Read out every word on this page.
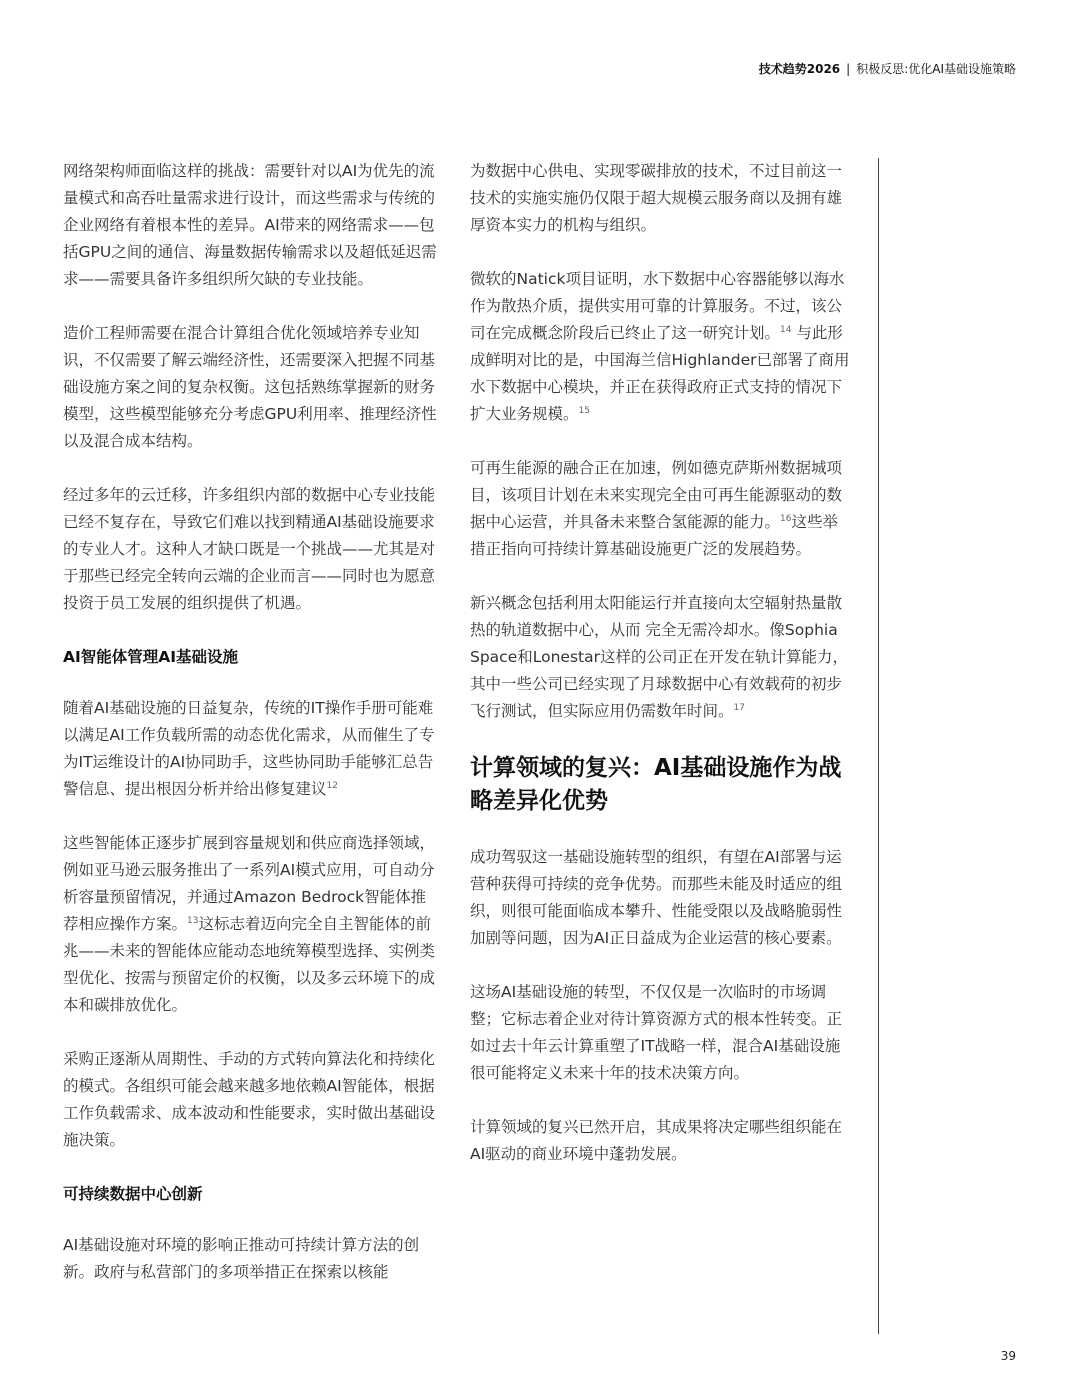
技术趋势2026 | 积极反思:优化AI基础设施策略

网络架构师面临这样的挑战：需要针对以AI为优先的流量模式和高吞吐量需求进行设计，而这些需求与传统的企业网络有着根本性的差异。AI带来的网络需求——包括GPU之间的通信、海量数据传输需求以及超低延迟需求——需要具备许多组织所欠缺的专业技能。

造价工程师需要在混合计算组合优化领域培养专业知识，不仅需要了解云端经济性，还需要深入把握不同基础设施方案之间的复杂权衡。这包括熟练掌握新的财务模型，这些模型能够充分考虑GPU利用率、推理经济性以及混合成本结构。

经过多年的云迁移，许多组织内部的数据中心专业技能已经不复存在，导致它们难以找到精通AI基础设施要求的专业人才。这种人才缺口既是一个挑战——尤其是对于那些已经完全转向云端的企业而言——同时也为愿意投资于员工发展的组织提供了机遇。

AI智能体管理AI基础设施

随着AI基础设施的日益复杂，传统的IT操作手册可能难以满足AI工作负载所需的动态优化需求，从而催生了专为IT运维设计的AI协同助手，这些协同助手能够汇总告警信息、提出根因分析并给出修复建议$^{12}$

这些智能体正逐步扩展到容量规划和供应商选择领域，例如亚马逊云服务推出了一系列AI模式应用，可自动分析容量预留情况，并通过Amazon Bedrock智能体推荐相应操作方案。$^{13}$这标志着迈向完全自主智能体的前兆——未来的智能体应能动态地统筹模型选择、实例类型优化、按需与预留定价的权衡，以及多云环境下的成本和碳排放优化。

采购正逐渐从周期性、手动的方式转向算法化和持续化的模式。各组织可能会越来越多地依赖AI智能体，根据工作负载需求、成本波动和性能要求，实时做出基础设施决策。

可持续数据中心创新

AI基础设施对环境的影响正推动可持续计算方法的创新。政府与私营部门的多项举措正在探索以核能

为数据中心供电、实现零碳排放的技术，不过目前这一技术的实施实施仍仅限于超大规模云服务商以及拥有雄厚资本实力的机构与组织。

微软的Natick项目证明，水下数据中心容器能够以海水作为散热介质，提供实用可靠的计算服务。不过，该公司在完成概念阶段后已终止了这一研究计划。$^{14}$ 与此形成鲜明对比的是，中国海兰信Highlander已部署了商用水下数据中心模块，并正在获得政府正式支持的情况下扩大业务规模。$^{15}$

可再生能源的融合正在加速，例如德克萨斯州数据城项目，该项目计划在未来实现完全由可再生能源驱动的数据中心运营，并具备未来整合氢能源的能力。$^{16}$这些举措正指向可持续计算基础设施更广泛的发展趋势。

新兴概念包括利用太阳能运行并直接向太空辐射热量散热的轨道数据中心，从而 完全无需冷却水。像Sophia Space和Lonestar这样的公司正在开发在轨计算能力，其中一些公司已经实现了月球数据中心有效载荷的初步飞行测试，但实际应用仍需数年时间。$^{17}$

计算领域的复兴：AI基础设施作为战略差异化优势

成功驾驭这一基础设施转型的组织，有望在AI部署与运营种获得可持续的竞争优势。而那些未能及时适应的组织，则很可能面临成本攀升、性能受限以及战略脆弱性加剧等问题，因为AI正日益成为企业运营的核心要素。

这场AI基础设施的转型，不仅仅是一次临时的市场调整；它标志着企业对待计算资源方式的根本性转变。正如过去十年云计算重塑了IT战略一样，混合AI基础设施很可能将定义未来十年的技术决策方向。

计算领域的复兴已然开启，其成果将决定哪些组织能在AI驱动的商业环境中蓬勃发展。

39
